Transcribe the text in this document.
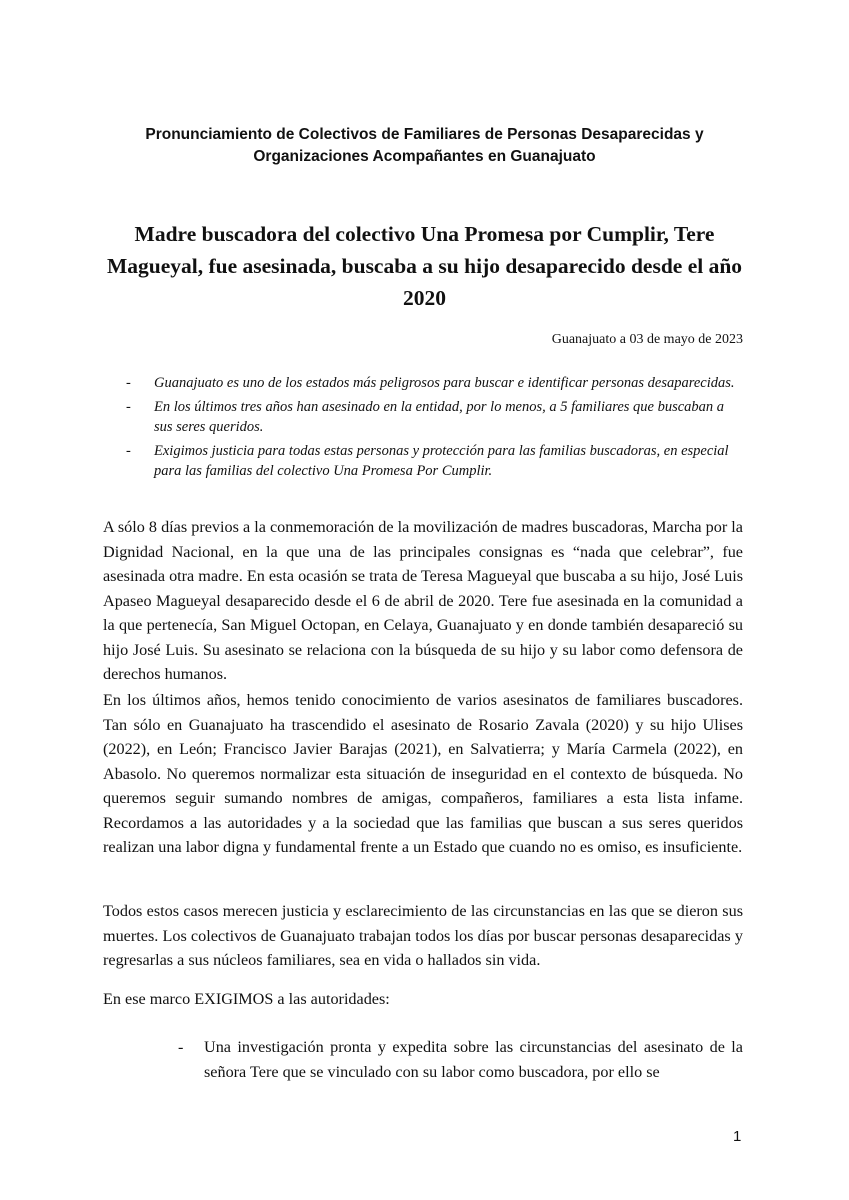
Pronunciamiento de Colectivos de Familiares de Personas Desaparecidas y Organizaciones Acompañantes en Guanajuato
Madre buscadora del colectivo Una Promesa por Cumplir, Tere Magueyal, fue asesinada, buscaba a su hijo desaparecido desde el año 2020
Guanajuato a 03 de mayo de 2023
- Guanajuato es uno de los estados más peligrosos para buscar e identificar personas desaparecidas.
- En los últimos tres años han asesinado en la entidad, por lo menos, a 5 familiares que buscaban a sus seres queridos.
- Exigimos justicia para todas estas personas y protección para las familias buscadoras, en especial para las familias del colectivo Una Promesa Por Cumplir.

A sólo 8 días previos a la conmemoración de la movilización de madres buscadoras, Marcha por la Dignidad Nacional, en la que una de las principales consignas es “nada que celebrar”, fue asesinada otra madre. En esta ocasión se trata de Teresa Magueyal que buscaba a su hijo, José Luis Apaseo Magueyal desaparecido desde el 6 de abril de 2020. Tere fue asesinada en la comunidad a la que pertenecía, San Miguel Octopan, en Celaya, Guanajuato y en donde también desapareció su hijo José Luis. Su asesinato se relaciona con la búsqueda de su hijo y su labor como defensora de derechos humanos.

En los últimos años, hemos tenido conocimiento de varios asesinatos de familiares buscadores. Tan sólo en Guanajuato ha trascendido el asesinato de Rosario Zavala (2020) y su hijo Ulises (2022), en León; Francisco Javier Barajas (2021), en Salvatierra; y María Carmela (2022), en Abasolo. No queremos normalizar esta situación de inseguridad en el contexto de búsqueda. No queremos seguir sumando nombres de amigas, compañeros, familiares a esta lista infame. Recordamos a las autoridades y a la sociedad que las familias que buscan a sus seres queridos realizan una labor digna y fundamental frente a un Estado que cuando no es omiso, es insuficiente.

Todos estos casos merecen justicia y esclarecimiento de las circunstancias en las que se dieron sus muertes. Los colectivos de Guanajuato trabajan todos los días por buscar personas desaparecidas y regresarlas a sus núcleos familiares, sea en vida o hallados sin vida.

En ese marco EXIGIMOS a las autoridades:

- Una investigación pronta y expedita sobre las circunstancias del asesinato de la señora Tere que se vinculado con su labor como buscadora, por ello se
1
